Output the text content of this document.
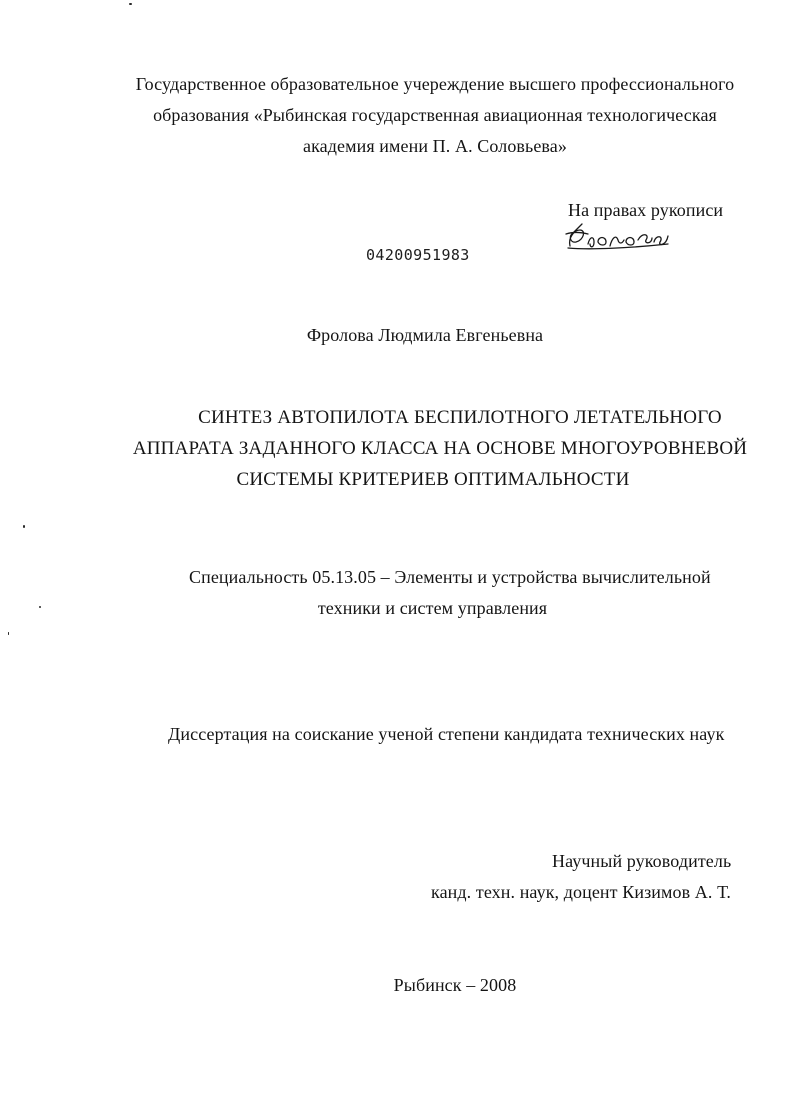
Государственное образовательное учереждение высшего профессионального
образования «Рыбинская государственная авиационная технологическая
академия имени П. А. Соловьева»
На правах рукописи
04200951983
Фролова Людмила Евгеньевна
СИНТЕЗ АВТОПИЛОТА БЕСПИЛОТНОГО ЛЕТАТЕЛЬНОГО
АППАРАТА ЗАДАННОГО КЛАССА НА ОСНОВЕ МНОГОУРОВНЕВОЙ
СИСТЕМЫ КРИТЕРИЕВ ОПТИМАЛЬНОСТИ
Специальность 05.13.05 – Элементы и устройства вычислительной
техники и систем управления
Диссертация на соискание ученой степени кандидата технических наук
Научный руководитель
канд. техн. наук, доцент Кизимов А. Т.
Рыбинск – 2008
